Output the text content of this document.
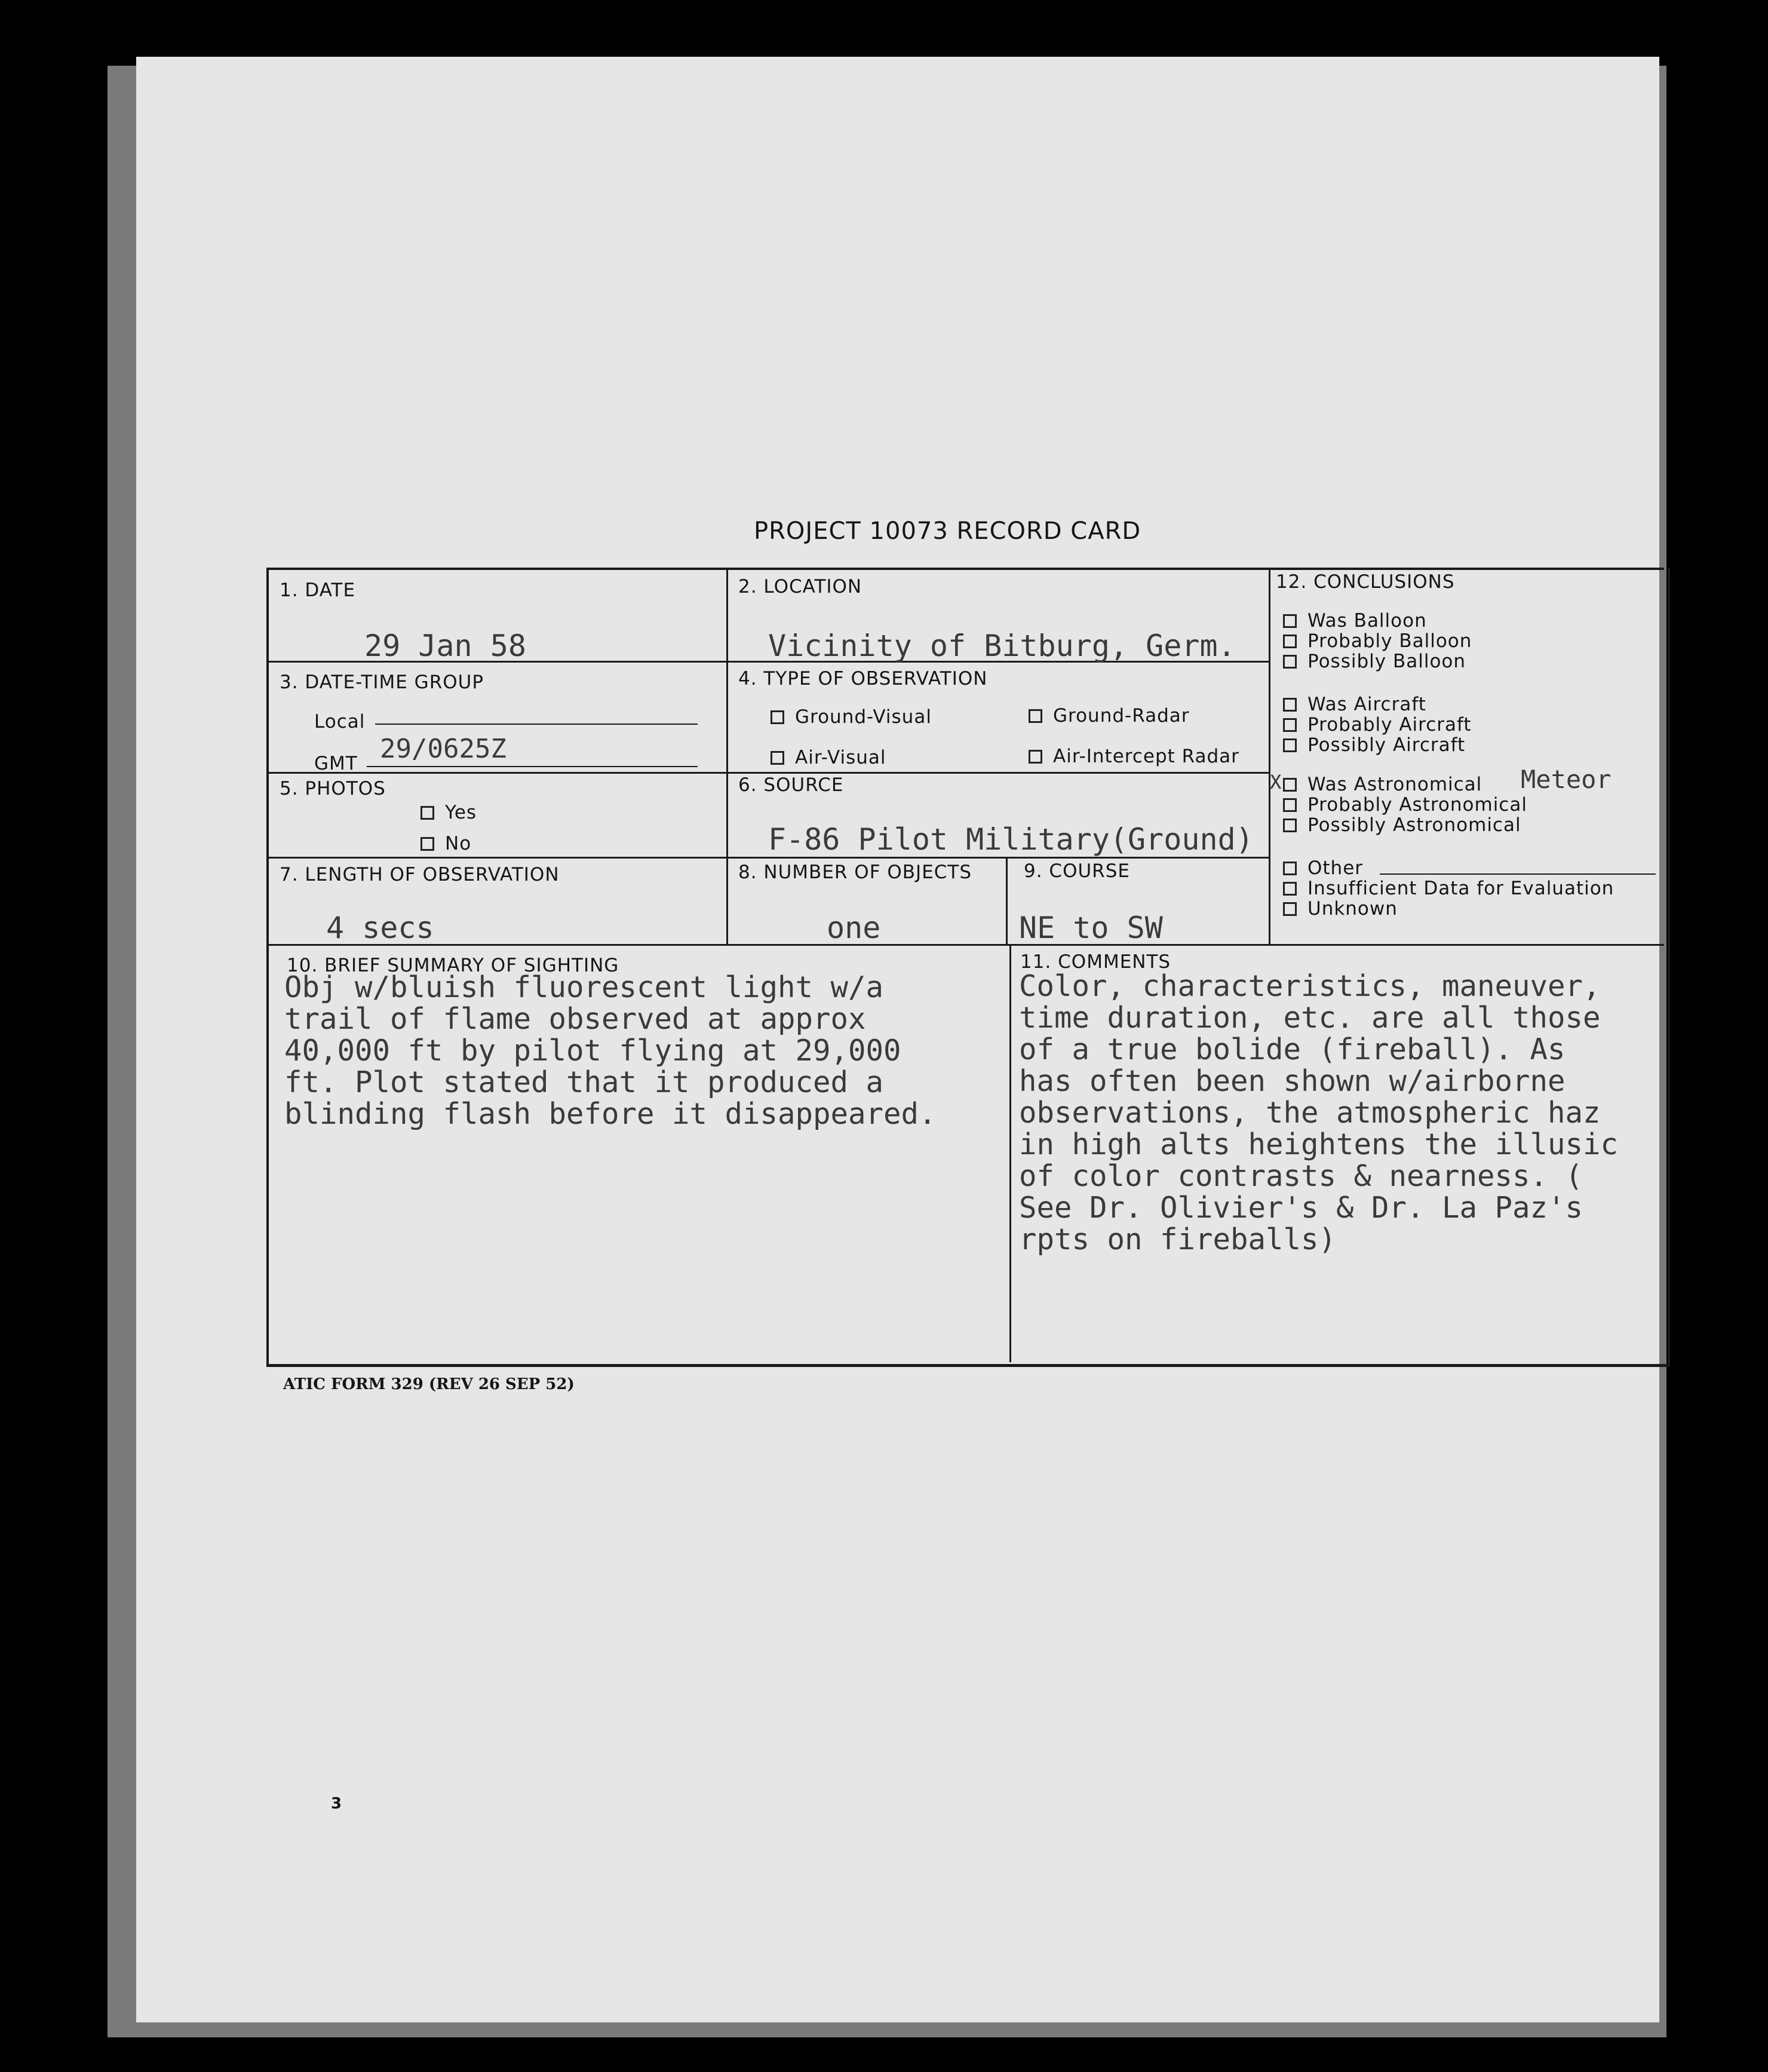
PROJECT 10073 RECORD CARD
1. DATE
29 Jan 58
2. LOCATION
Vicinity of Bitburg, Germ.
3. DATE-TIME GROUP
Local
GMT 29/0625Z
4. TYPE OF OBSERVATION
Ground-Visual	Ground-Radar
Air-Visual	Air-Intercept Radar
5. PHOTOS
Yes
No
6. SOURCE
F-86 Pilot Military(Ground)
7. LENGTH OF OBSERVATION
4 secs
8. NUMBER OF OBJECTS
one
9. COURSE
NE to SW
10. BRIEF SUMMARY OF SIGHTING
Obj w/bluish fluorescent light w/a
trail of flame observed at approx
40,000 ft by pilot flying at 29,000
ft. Plot stated that it produced a
blinding flash before it disappeared.
11. COMMENTS
Color, characteristics, maneuver,
time duration, etc. are all those
of a true bolide (fireball). As
has often been shown w/airborne
observations, the atmospheric haz
in high alts heightens the illusic
of color contrasts & nearness. (
See Dr. Olivier's & Dr. La Paz's
rpts on fireballs)
12. CONCLUSIONS
Was Balloon
Probably Balloon
Possibly Balloon
Was Aircraft
Probably Aircraft
Possibly Aircraft
X	Was Astronomical
Probably Astronomical
Possibly Astronomical
Meteor
Other
Insufficient Data for Evaluation
Unknown
ATIC FORM 329 (REV 26 SEP 52)
3
